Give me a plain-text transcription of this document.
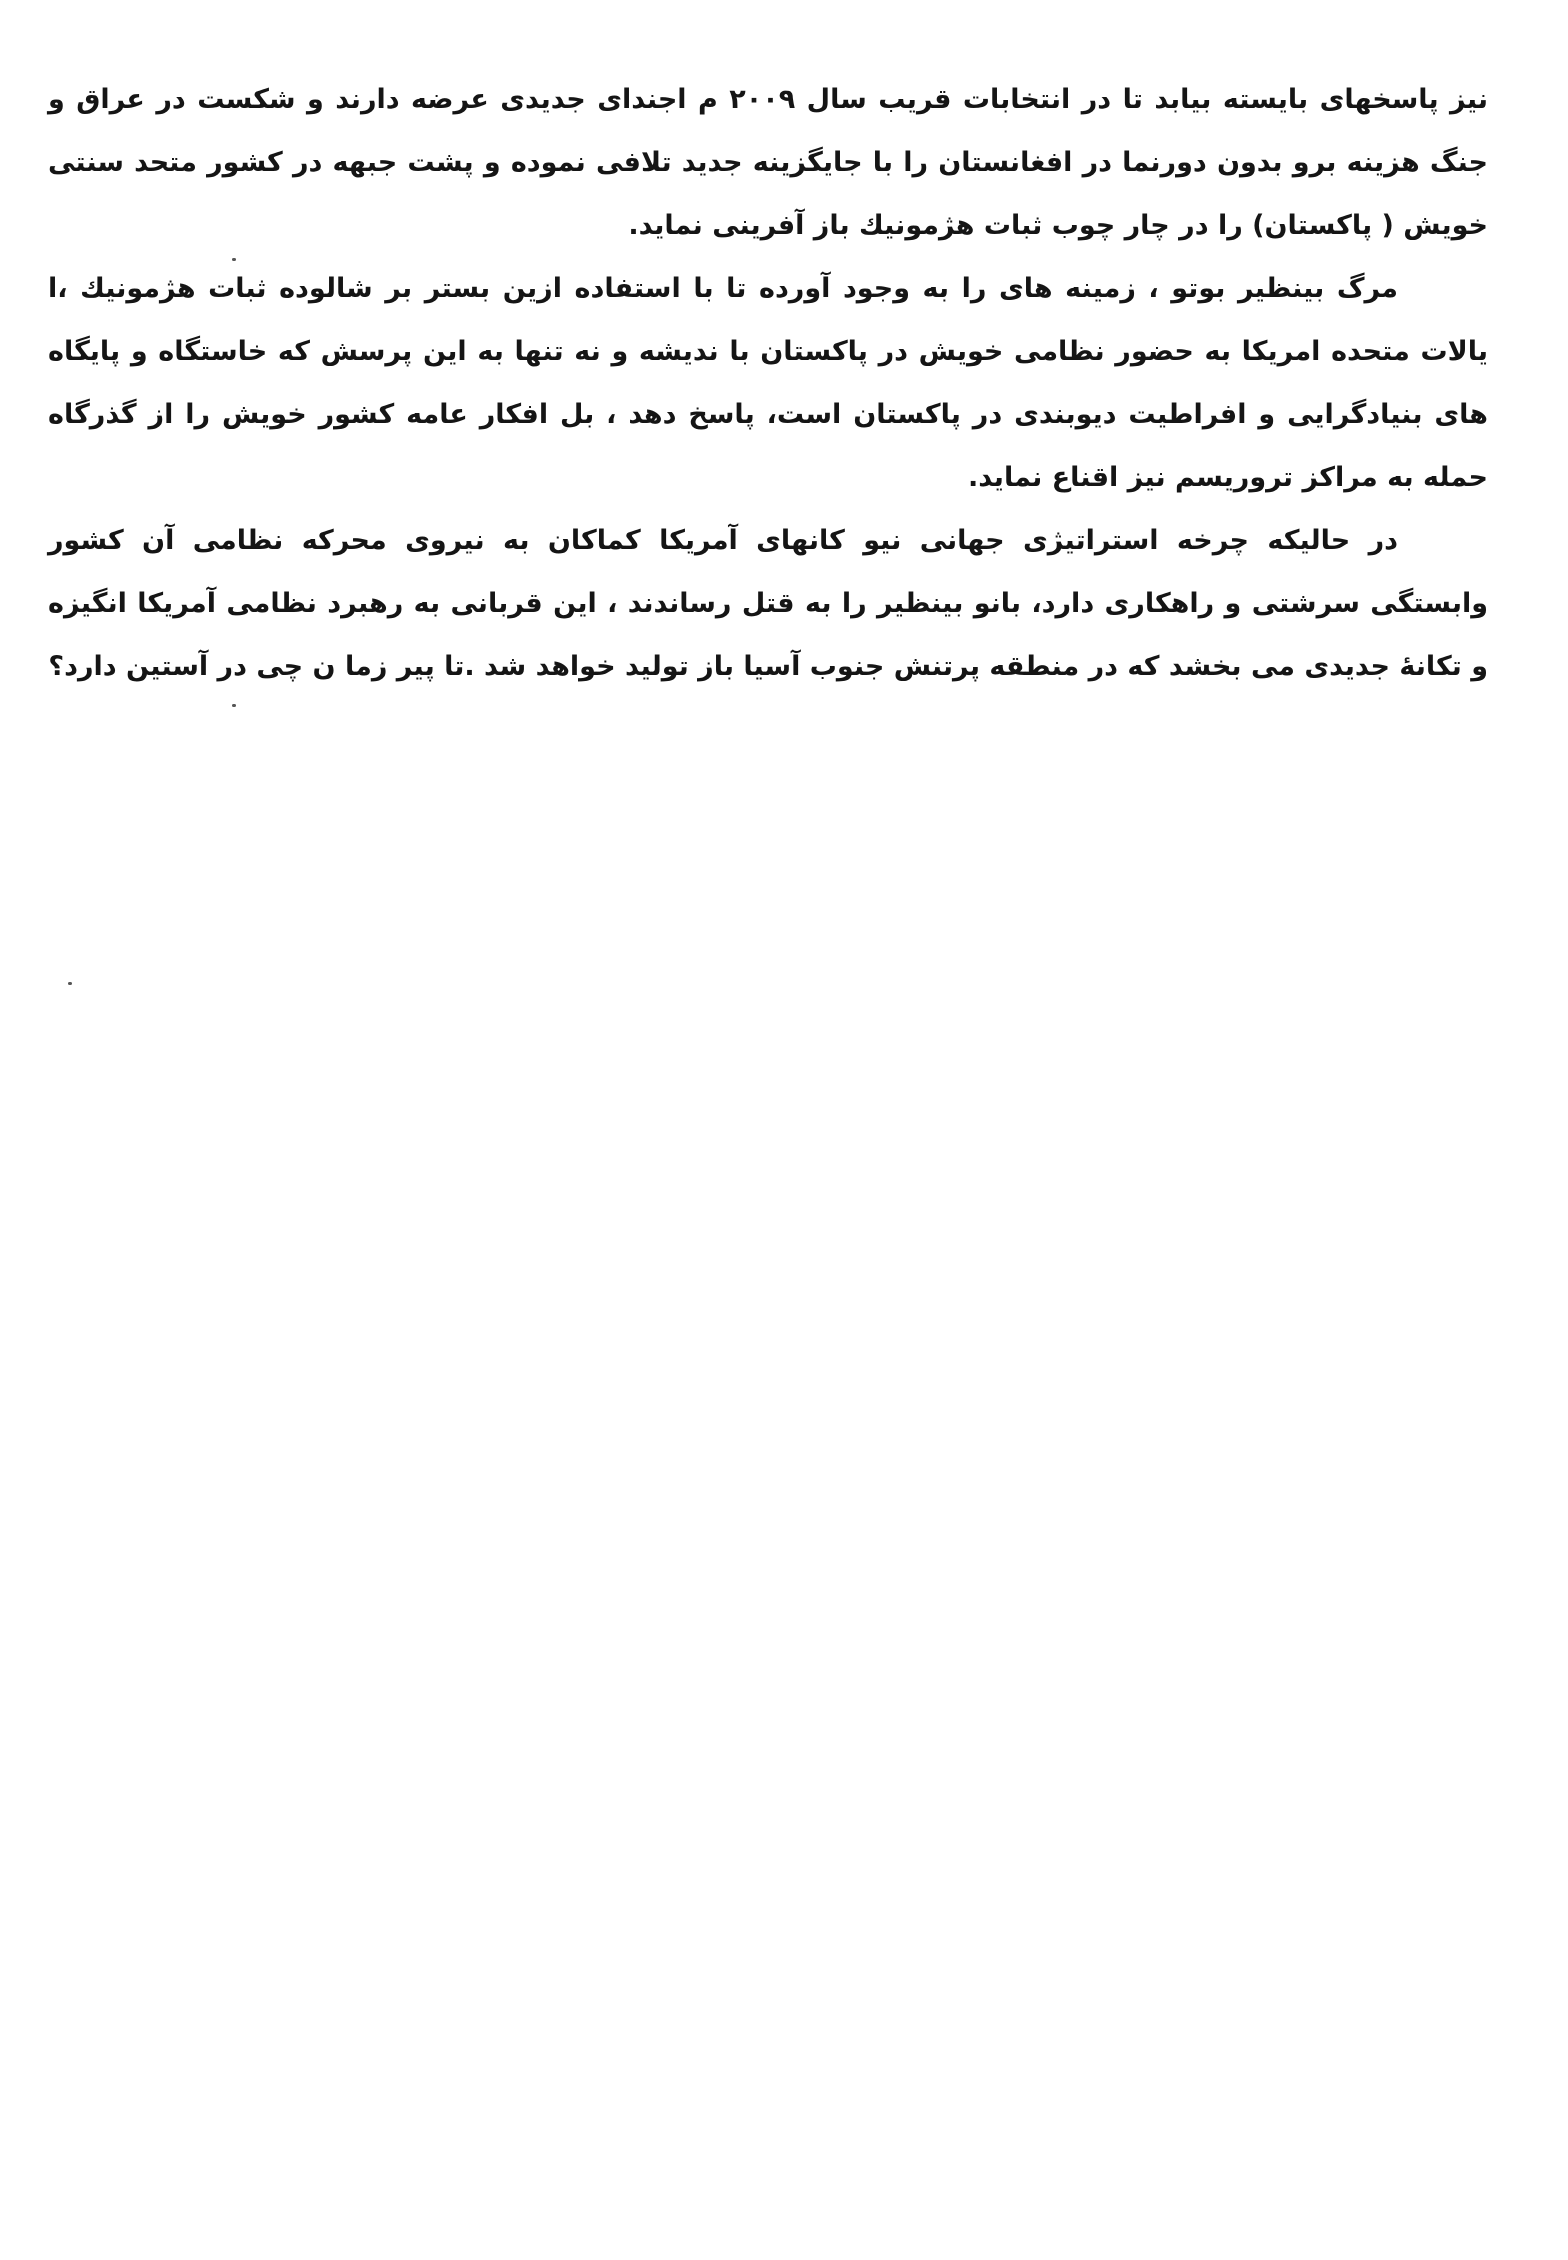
نیز پاسخهای بایسته بیابد تا در انتخابات قریب سال ۲۰۰۹ م اجندای جدیدی عرضه دارند و شکست در عراق و جنگ هزینه برو بدون دورنما در افغانستان را با جایگزینه جدید تلافی نموده و پشت جبهه در کشور متحد سنتی خویش ( پاکستان) را در چار چوب ثبات هژمونیك باز آفرینی نماید.

مرگ بینظیر بوتو ، زمینه های را به وجود آورده تا با استفاده ازین بستر بر شالوده ثبات هژمونیك ،ا یالات متحده امریکا به حضور نظامی خویش در پاکستان با ندیشه و نه تنها به این پرسش که خاستگاه و پایگاه های بنیادگرایی و افراطیت دیوبندی در پاکستان است، پاسخ دهد ، بل افکار عامه کشور خویش را از گذرگاه حمله به مراکز تروریسم نیز اقناع نماید.

در حالیکه چرخه استراتیژی جهانی نیو کانهای آمریکا کماکان به نیروی محرکه نظامی آن کشور وابستگی سرشتی و راهکاری دارد، بانو بینظیر را به قتل رساندند ، این قربانی به رهبرد نظامی آمریکا انگیزه و تکانهٔ جدیدی می بخشد که در منطقه پرتنش جنوب آسیا باز تولید خواهد شد .تا پیر زما ن چی در آستین دارد؟
